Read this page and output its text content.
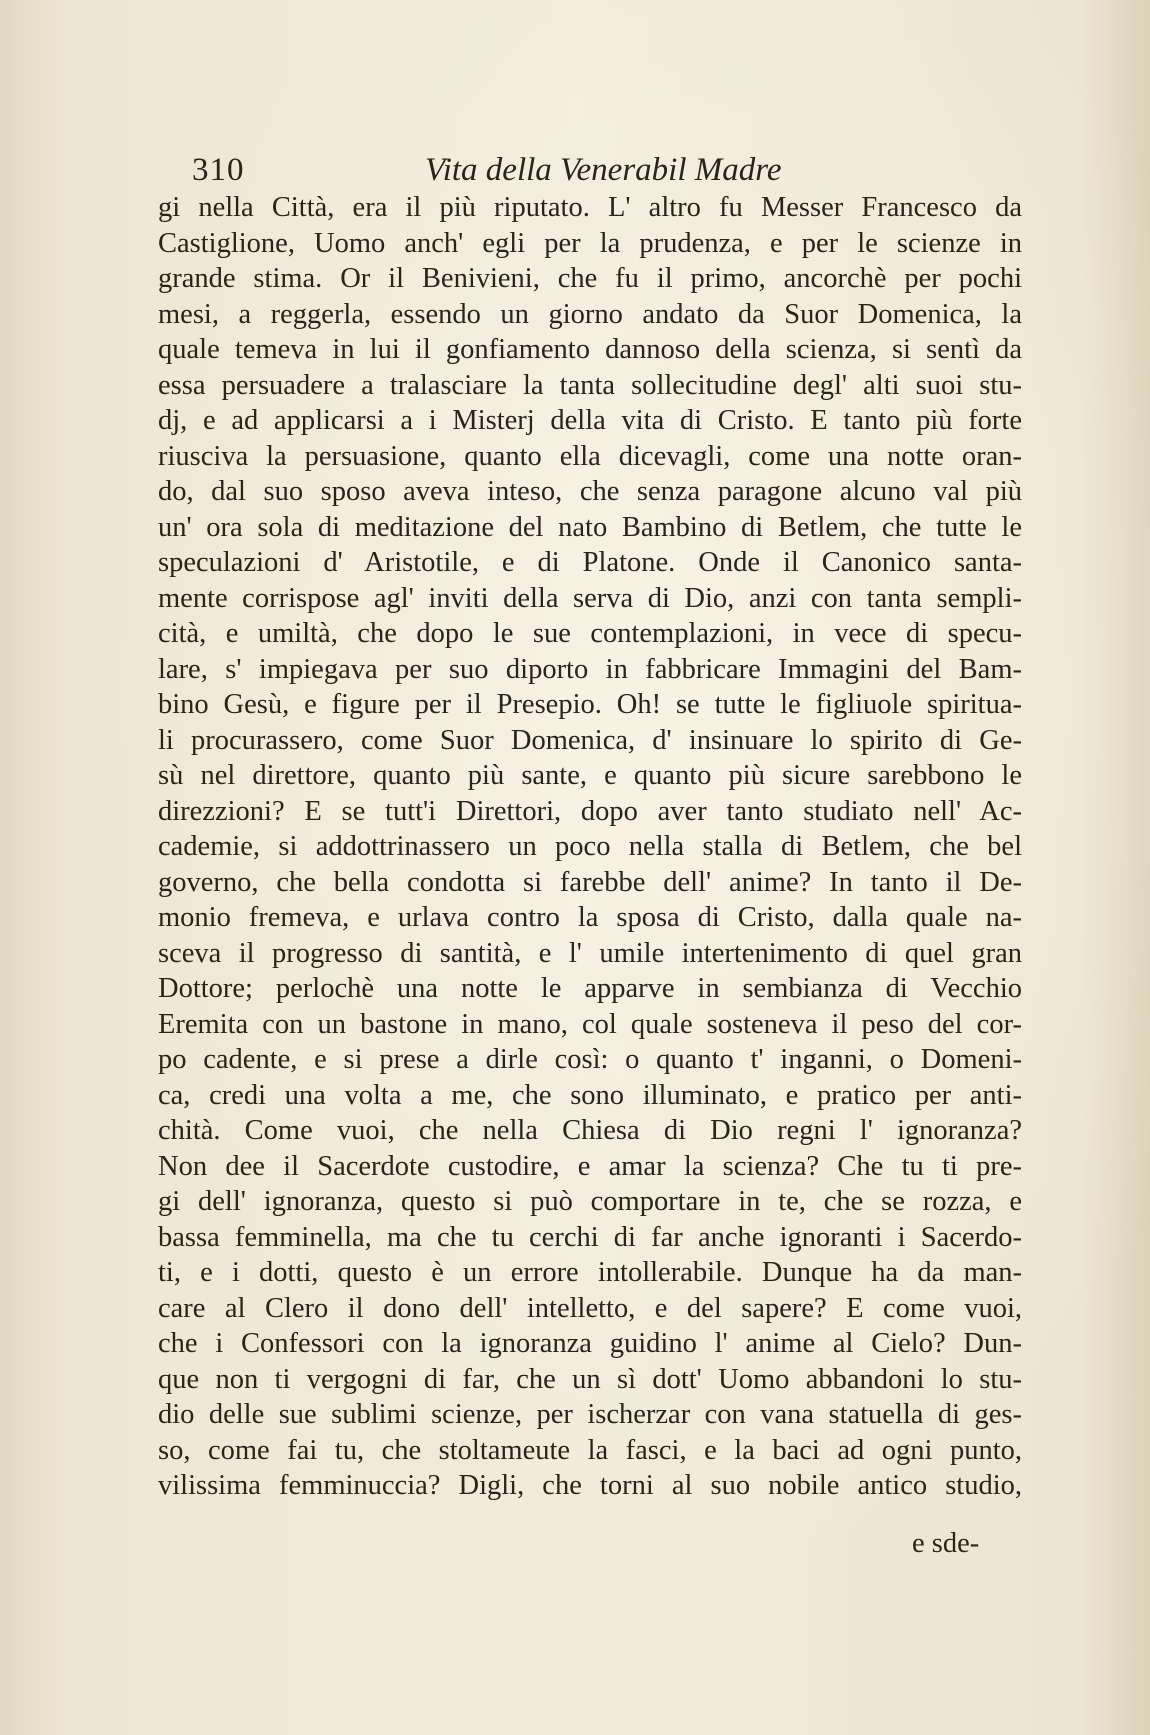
310	Vita della Venerabil Madre
gi nella Città, era il più riputato. L' altro fu Messer Francesco da
Castiglione, Uomo anch' egli per la prudenza, e per le scienze in
grande stima. Or il Benivieni, che fu il primo, ancorchè per pochi
mesi, a reggerla, essendo un giorno andato da Suor Domenica, la
quale temeva in lui il gonfiamento dannoso della scienza, si sentì da
essa persuadere a tralasciare la tanta sollecitudine degl' alti suoi stu-
dj, e ad applicarsi a i Misterj della vita di Cristo. E tanto più forte
riusciva la persuasione, quanto ella dicevagli, come una notte oran-
do, dal suo sposo aveva inteso, che senza paragone alcuno val più
un' ora sola di meditazione del nato Bambino di Betlem, che tutte le
speculazioni d' Aristotile, e di Platone. Onde il Canonico santa-
mente corrispose agl' inviti della serva di Dio, anzi con tanta sempli-
cità, e umiltà, che dopo le sue contemplazioni, in vece di specu-
lare, s' impiegava per suo diporto in fabbricare Immagini del Bam-
bino Gesù, e figure per il Presepio. Oh! se tutte le figliuole spiritua-
li procurassero, come Suor Domenica, d' insinuare lo spirito di Ge-
sù nel direttore, quanto più sante, e quanto più sicure sarebbono le
direzzioni? E se tutt'i Direttori, dopo aver tanto studiato nell' Ac-
cademie, si addottrinassero un poco nella stalla di Betlem, che bel
governo, che bella condotta si farebbe dell' anime? In tanto il De-
monio fremeva, e urlava contro la sposa di Cristo, dalla quale na-
sceva il progresso di santità, e l' umile intertenimento di quel gran
Dottore; perlochè una notte le apparve in sembianza di Vecchio
Eremita con un bastone in mano, col quale sosteneva il peso del cor-
po cadente, e si prese a dirle così: o quanto t' inganni, o Domeni-
ca, credi una volta a me, che sono illuminato, e pratico per anti-
chità. Come vuoi, che nella Chiesa di Dio regni l' ignoranza?
Non dee il Sacerdote custodire, e amar la scienza? Che tu ti pre-
gi dell' ignoranza, questo si può comportare in te, che se rozza, e
bassa femminella, ma che tu cerchi di far anche ignoranti i Sacerdo-
ti, e i dotti, questo è un errore intollerabile. Dunque ha da man-
care al Clero il dono dell' intelletto, e del sapere? E come vuoi,
che i Confessori con la ignoranza guidino l' anime al Cielo? Dun-
que non ti vergogni di far, che un sì dott' Uomo abbandoni lo stu-
dio delle sue sublimi scienze, per ischerzar con vana statuella di ges-
so, come fai tu, che stoltameute la fasci, e la baci ad ogni punto,
vilissima femminuccia? Digli, che torni al suo nobile antico studio,
e sde-
